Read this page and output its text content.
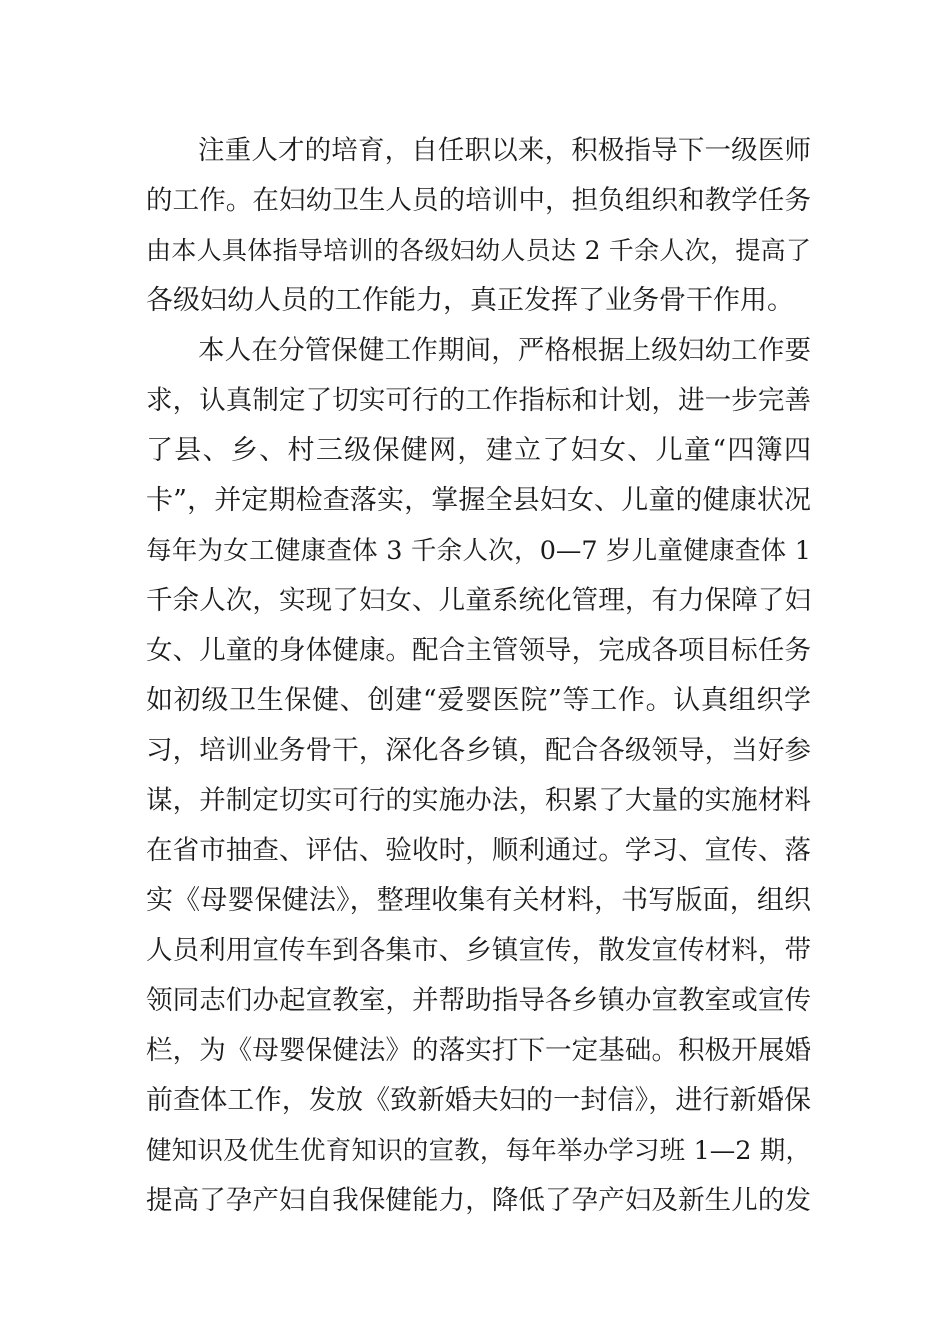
注重人才的培育，自任职以来，积极指导下一级医师
的工作。在妇幼卫生人员的培训中，担负组织和教学任务
由本人具体指导培训的各级妇幼人员达 2 千余人次，提高了
各级妇幼人员的工作能力，真正发挥了业务骨干作用。
本人在分管保健工作期间，严格根据上级妇幼工作要
求，认真制定了切实可行的工作指标和计划，进一步完善
了县、乡、村三级保健网，建立了妇女、儿童“四簿四
卡”，并定期检查落实，掌握全县妇女、儿童的健康状况
每年为女工健康查体 3 千余人次，0—7 岁儿童健康查体 1
千余人次，实现了妇女、儿童系统化管理，有力保障了妇
女、儿童的身体健康。配合主管领导，完成各项目标任务
如初级卫生保健、创建“爱婴医院”等工作。认真组织学
习，培训业务骨干，深化各乡镇，配合各级领导，当好参
谋，并制定切实可行的实施办法，积累了大量的实施材料
在省市抽查、评估、验收时，顺利通过。学习、宣传、落
实《母婴保健法》，整理收集有关材料，书写版面，组织
人员利用宣传车到各集市、乡镇宣传，散发宣传材料，带
领同志们办起宣教室，并帮助指导各乡镇办宣教室或宣传
栏，为《母婴保健法》的落实打下一定基础。积极开展婚
前查体工作，发放《致新婚夫妇的一封信》，进行新婚保
健知识及优生优育知识的宣教，每年举办学习班 1—2 期，
提高了孕产妇自我保健能力，降低了孕产妇及新生儿的发
